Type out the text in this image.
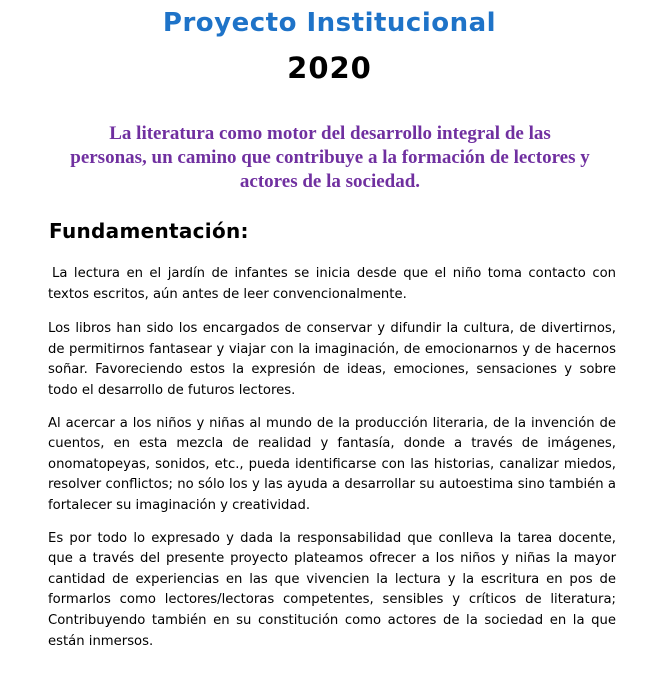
Proyecto Institucional
2020

La literatura como motor del desarrollo integral de las personas, un camino que contribuye a la formación de lectores y actores de la sociedad.

Fundamentación:

La lectura en el jardín de infantes se inicia desde que el niño toma contacto con textos escritos, aún antes de leer convencionalmente.

Los libros han sido los encargados de conservar y difundir la cultura, de divertirnos, de permitirnos fantasear y viajar con la imaginación, de emocionarnos y de hacernos soñar. Favoreciendo estos la expresión de ideas, emociones, sensaciones y sobre todo el desarrollo de futuros lectores.

Al acercar a los niños y niñas al mundo de la producción literaria, de la invención de cuentos, en esta mezcla de realidad y fantasía, donde a través de imágenes, onomatopeyas, sonidos, etc., pueda identificarse con las historias, canalizar miedos, resolver conflictos; no sólo los y las ayuda a desarrollar su autoestima sino también a fortalecer su imaginación y creatividad.

Es por todo lo expresado y dada la responsabilidad que conlleva la tarea docente, que a través del presente proyecto plateamos ofrecer a los niños y niñas la mayor cantidad de experiencias en las que vivencien la lectura y la escritura en pos de formarlos como lectores/lectoras competentes, sensibles y críticos de literatura; Contribuyendo también en su constitución como actores de la sociedad en la que están inmersos.
